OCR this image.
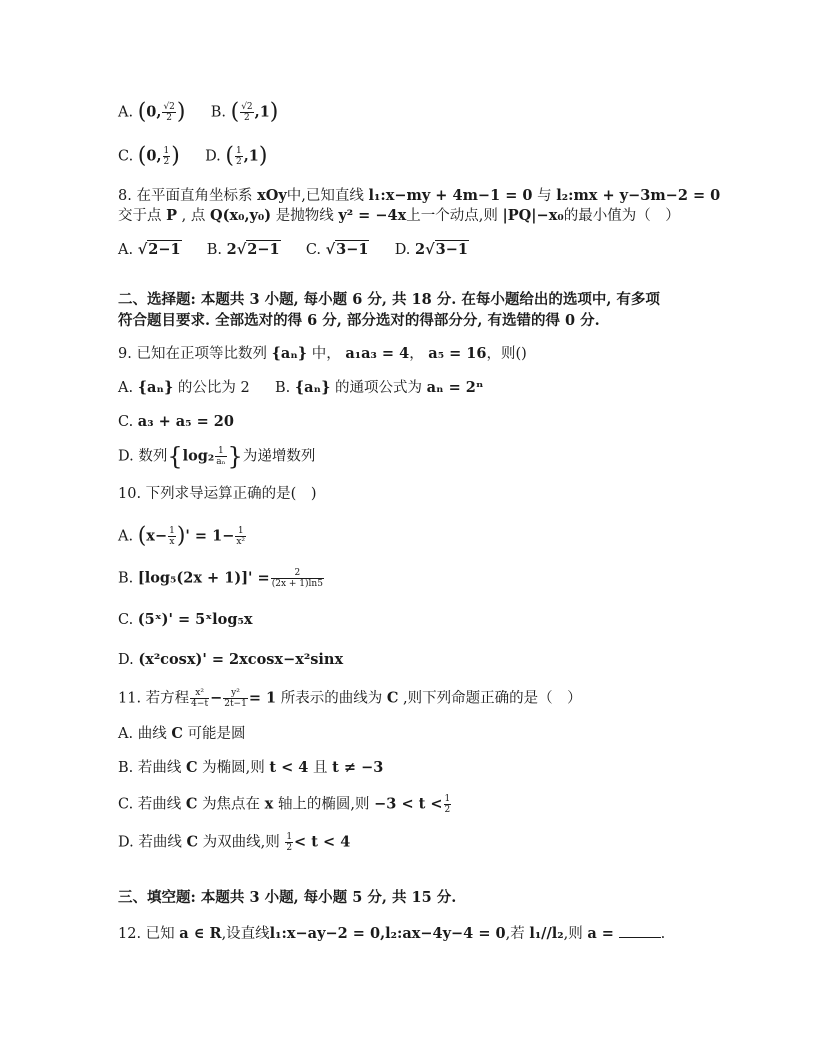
A. (0, $\frac{√2}{2}$ ) B. ( $\frac{√2}{2} ,1$)
C. (0, $\frac{1}{2}$ ) D. ( $\frac{1}{2} ,1$)
8. 在平面直角坐标系 xOy中,已知直线 l₁:x−my + 4m−1 = 0 与 l₂:mx + y−3m−2 = 0
交于点 P , 点 Q(x₀,y₀) 是抛物线 y² = −4x上一个动点,则 |PQ|−x₀的最小值为（　）
A. √2−1 B. 2√2−1 C. √3−1 D. 2√3−1
二、选择题: 本题共 3 小题, 每小题 6 分, 共 18 分. 在每小题给出的选项中, 有多项
符合题目要求. 全部选对的得 6 分, 部分选对的得部分分, 有选错的得 0 分.
9. 已知在正项等比数列 {aₙ} 中， a₁a₃ = 4， a₅ = 16，则()
A. {aₙ} 的公比为 2 B. {aₙ} 的通项公式为 aₙ = 2ⁿ
C. a₃ + a₅ = 20
D. 数列{$\log_2 \frac{1}{\text{aₙ}}$ }为递增数列
10. 下列求导运算正确的是(　)
A. ($x- \frac{1}{x}$ )' = $1- \frac{1}{\text{x²}}$
B. $[\log_5(2x + 1)]' = \frac{2}{(2x + 1)\ln 5}$
C. (5ˣ)' = 5ˣlog₅x
D. (x²cosx)' = 2xcosx−x²sinx
11. 若方程 $\frac{\text{x²}}{4-t} - \frac{\text{y²}}{2t-1} = 1$ 所表示的曲线为 C ,则下列命题正确的是（　）
A. 曲线 C 可能是圆
B. 若曲线 C 为椭圆,则 t < 4 且 t ≠ −3
C. 若曲线 C 为焦点在 x 轴上的椭圆,则 $-3 < t < \frac{1}{2}$
D. 若曲线 C 为双曲线,则 $\frac{1}{2} < t < 4$
三、填空题: 本题共 3 小题, 每小题 5 分, 共 15 分.
12. 已知 a ∈ R,设直线l₁:x−ay−2 = 0,l₂:ax−4y−4 = 0,若 l₁//l₂,则 a =	.
